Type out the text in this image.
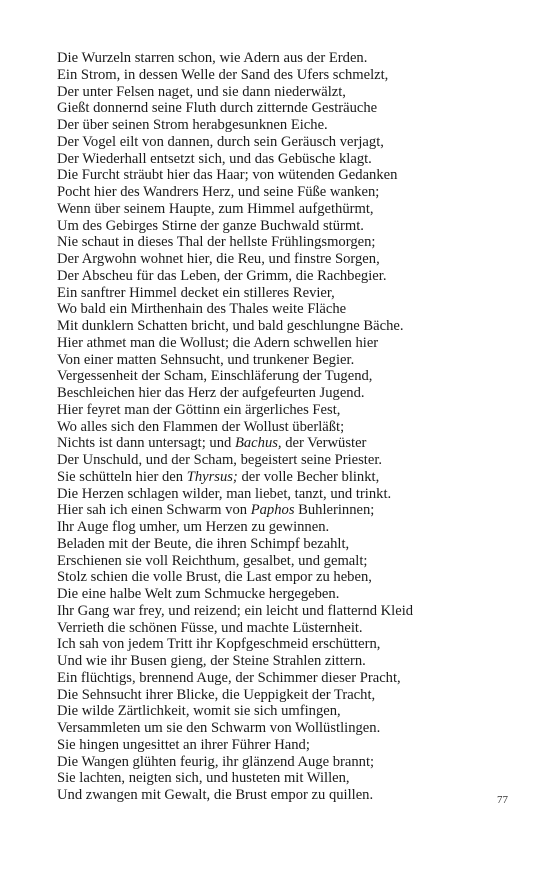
Die Wurzeln starren schon, wie Adern aus der Erden.
Ein Strom, in dessen Welle der Sand des Ufers schmelzt,
Der unter Felsen naget, und sie dann niederwälzt,
Gießt donnernd seine Fluth durch zitternde Gesträuche
Der über seinen Strom herabgesunknen Eiche.
Der Vogel eilt von dannen, durch sein Geräusch verjagt,
Der Wiederhall entsetzt sich, und das Gebüsche klagt.
Die Furcht sträubt hier das Haar; von wütenden Gedanken
Pocht hier des Wandrers Herz, und seine Füße wanken;
Wenn über seinem Haupte, zum Himmel aufgethürmt,
Um des Gebirges Stirne der ganze Buchwald stürmt.
Nie schaut in dieses Thal der hellste Frühlingsmorgen;
Der Argwohn wohnet hier, die Reu, und finstre Sorgen,
Der Abscheu für das Leben, der Grimm, die Rachbegier.
Ein sanftrer Himmel decket ein stilleres Revier,
Wo bald ein Mirthenhain des Thales weite Fläche
Mit dunklern Schatten bricht, und bald geschlungne Bäche.
Hier athmet man die Wollust; die Adern schwellen hier
Von einer matten Sehnsucht, und trunkener Begier.
Vergessenheit der Scham, Einschläferung der Tugend,
Beschleichen hier das Herz der aufgefeurten Jugend.
Hier feyret man der Göttinn ein ärgerliches Fest,
Wo alles sich den Flammen der Wollust überläßt;
Nichts ist dann untersagt; und Bachus, der Verwüster
Der Unschuld, und der Scham, begeistert seine Priester.
Sie schütteln hier den Thyrsus; der volle Becher blinkt,
Die Herzen schlagen wilder, man liebet, tanzt, und trinkt.
Hier sah ich einen Schwarm von Paphos Buhlerinnen;
Ihr Auge flog umher, um Herzen zu gewinnen.
Beladen mit der Beute, die ihren Schimpf bezahlt,
Erschienen sie voll Reichthum, gesalbet, und gemalt;
Stolz schien die volle Brust, die Last empor zu heben,
Die eine halbe Welt zum Schmucke hergegeben.
Ihr Gang war frey, und reizend; ein leicht und flatternd Kleid
Verrieth die schönen Füsse, und machte Lüsternheit.
Ich sah von jedem Tritt ihr Kopfgeschmeid erschüttern,
Und wie ihr Busen gieng, der Steine Strahlen zittern.
Ein flüchtigs, brennend Auge, der Schimmer dieser Pracht,
Die Sehnsucht ihrer Blicke, die Ueppigkeit der Tracht,
Die wilde Zärtlichkeit, womit sie sich umfingen,
Versammleten um sie den Schwarm von Wollüstlingen.
Sie hingen ungesittet an ihrer Führer Hand;
Die Wangen glühten feurig, ihr glänzend Auge brannt;
Sie lachten, neigten sich, und husteten mit Willen,
Und zwangen mit Gewalt, die Brust empor zu quillen.	77
